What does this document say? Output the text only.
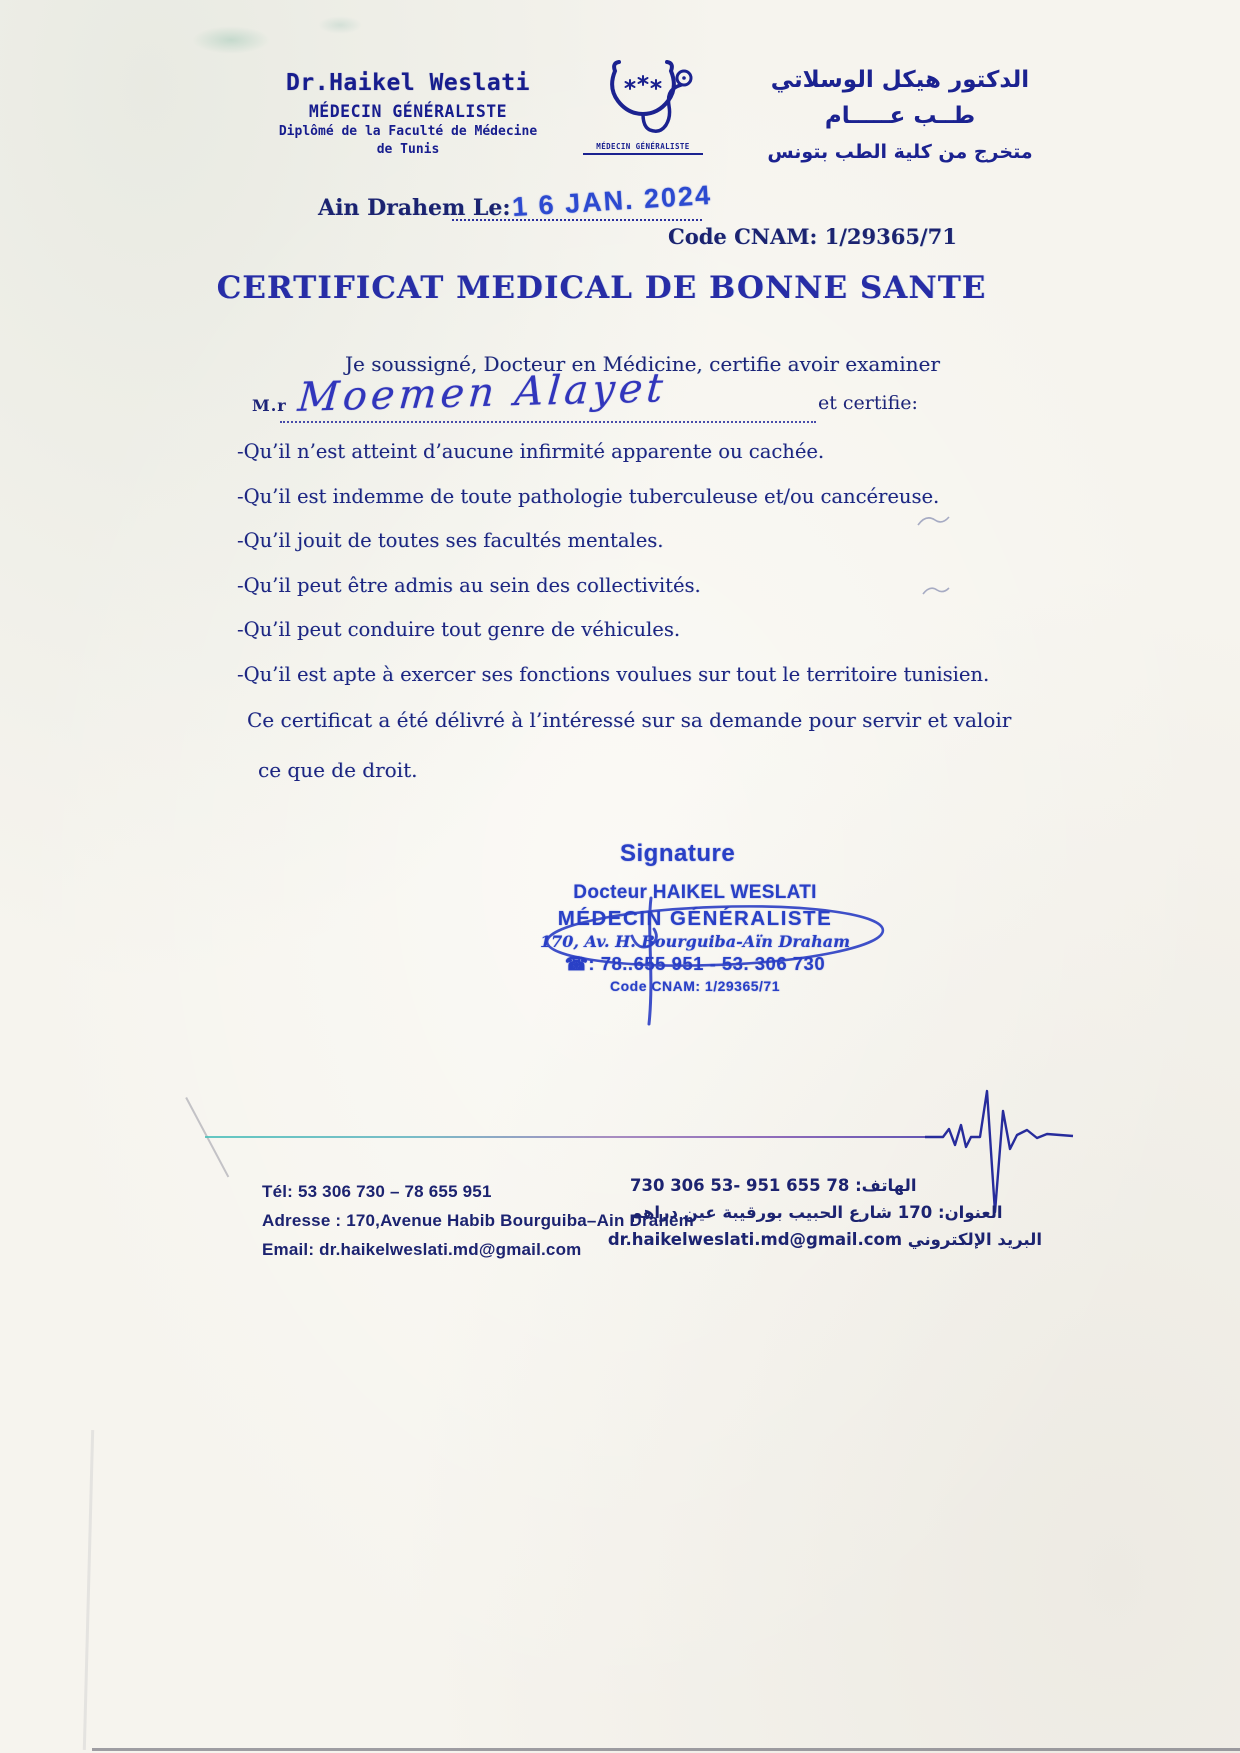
Dr.Haikel Weslati
MÉDECIN GÉNÉRALISTE
Diplômé de la Faculté de Médecine
de Tunis	MÉDECIN GÉNÉRALISTE
الدكتور هيكل الوسلاتي
طــب عـــــام
متخرج من كلية الطب بتونس
Ain Drahem Le: 1 6 JAN. 2024
Code CNAM: 1/29365/71
CERTIFICAT MEDICAL DE BONNE SANTE
Je soussigné, Docteur en Médicine, certifie avoir examiner
M.r Moemen Alayet	et certifie:
-Qu’il n’est atteint d’aucune infirmité apparente ou cachée.
-Qu’il est indemme de toute pathologie tuberculeuse et/ou cancéreuse.
-Qu’il jouit de toutes ses facultés mentales.
-Qu’il peut être admis au sein des collectivités.
-Qu’il peut conduire tout genre de véhicules.
-Qu’il est apte à exercer ses fonctions voulues sur tout le territoire tunisien.
Ce certificat a été délivré à l’intéressé sur sa demande pour servir et valoir
ce que de droit.
Signature
Docteur HAIKEL WESLATI
MÉDECIN GÉNÉRALISTE
170, Av. H. Bourguiba-Aïn Draham
☎: 78..655 951 - 53. 306 730
Code CNAM: 1/29365/71
Tél: 53 306 730 – 78 655 951
Adresse : 170,Avenue Habib Bourguiba–Ain Drahem
Email: dr.haikelweslati.md@gmail.com
الهاتف: 78 655 951 -53 306 730
العنوان: 170 شارع الحبيب بورقيبة عين دراهم
البريد الإلكتروني dr.haikelweslati.md@gmail.com
